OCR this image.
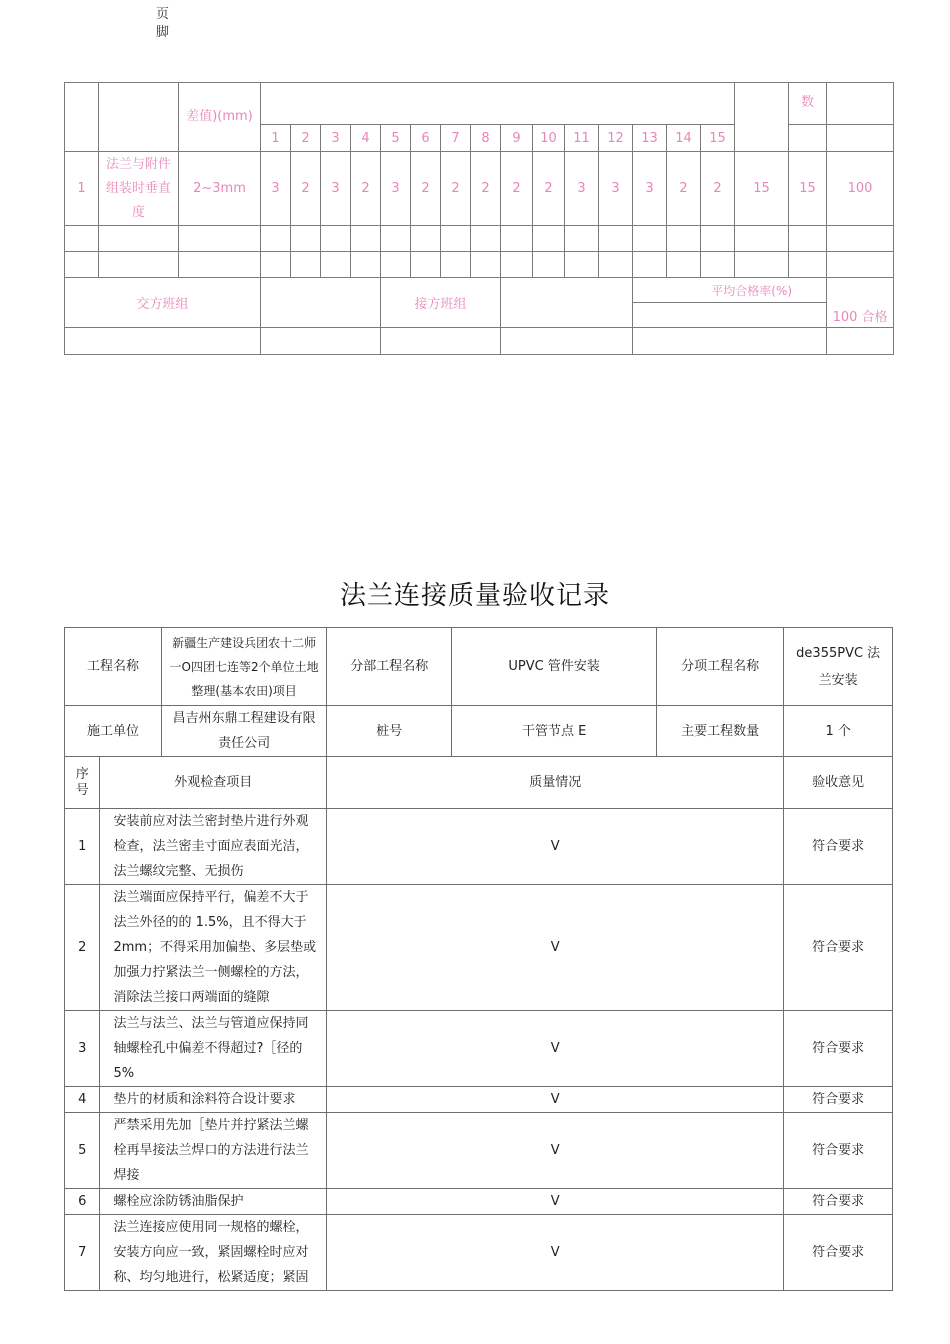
页脚
		差值)(mm)																	数	
			1	2	3	4	5	6	7	8	9	10	11	12	13	14	15			
1	法兰与附件组装时垂直度	2~3mm	3	2	3	2	3	2	2	2	2	2	3	3	3	2	2	15	15	100

交方班组							接方班组								平均合格率(%)					100 合格

法兰连接质量验收记录
工程名称		新疆生产建设兵团农十二师一O四团七连等2个单位土地整理(基本农田)项目	分部工程名称	UPVC 管件安装	分项工程名称	de355PVC 法兰安装
施工单位		昌吉州东鼎工程建设有限责任公司	桩号	干管节点 E	主要工程数量	1 个
序号	外观检查项目		质量情况			验收意见
1	安装前应对法兰密封垫片进行外观检查，法兰密圭寸面应表面光洁，法兰螺纹完整、无损伤		V			符合要求
2	法兰端面应保持平行，偏差不大于法兰外径的的 1.5%，且不得大于 2mm；不得采用加偏垫、多层垫或加强力拧紧法兰一侧螺栓的方法，消除法兰接口两端面的缝隙		V			符合要求
3	法兰与法兰、法兰与管道应保持同轴螺栓孔中偏差不得超过?［径的 5%		V			符合要求
4	垫片的材质和涂料符合设计要求		V			符合要求
5	严禁采用先加［垫片并拧紧法兰螺栓再旱接法兰焊口的方法进行法兰焊接		V			符合要求
6	螺栓应涂防锈油脂保护		V			符合要求
7	法兰连接应使用同一规格的螺栓，安装方向应一致，紧固螺栓时应对称、均匀地进行，松紧适度；紧固		V			符合要求
